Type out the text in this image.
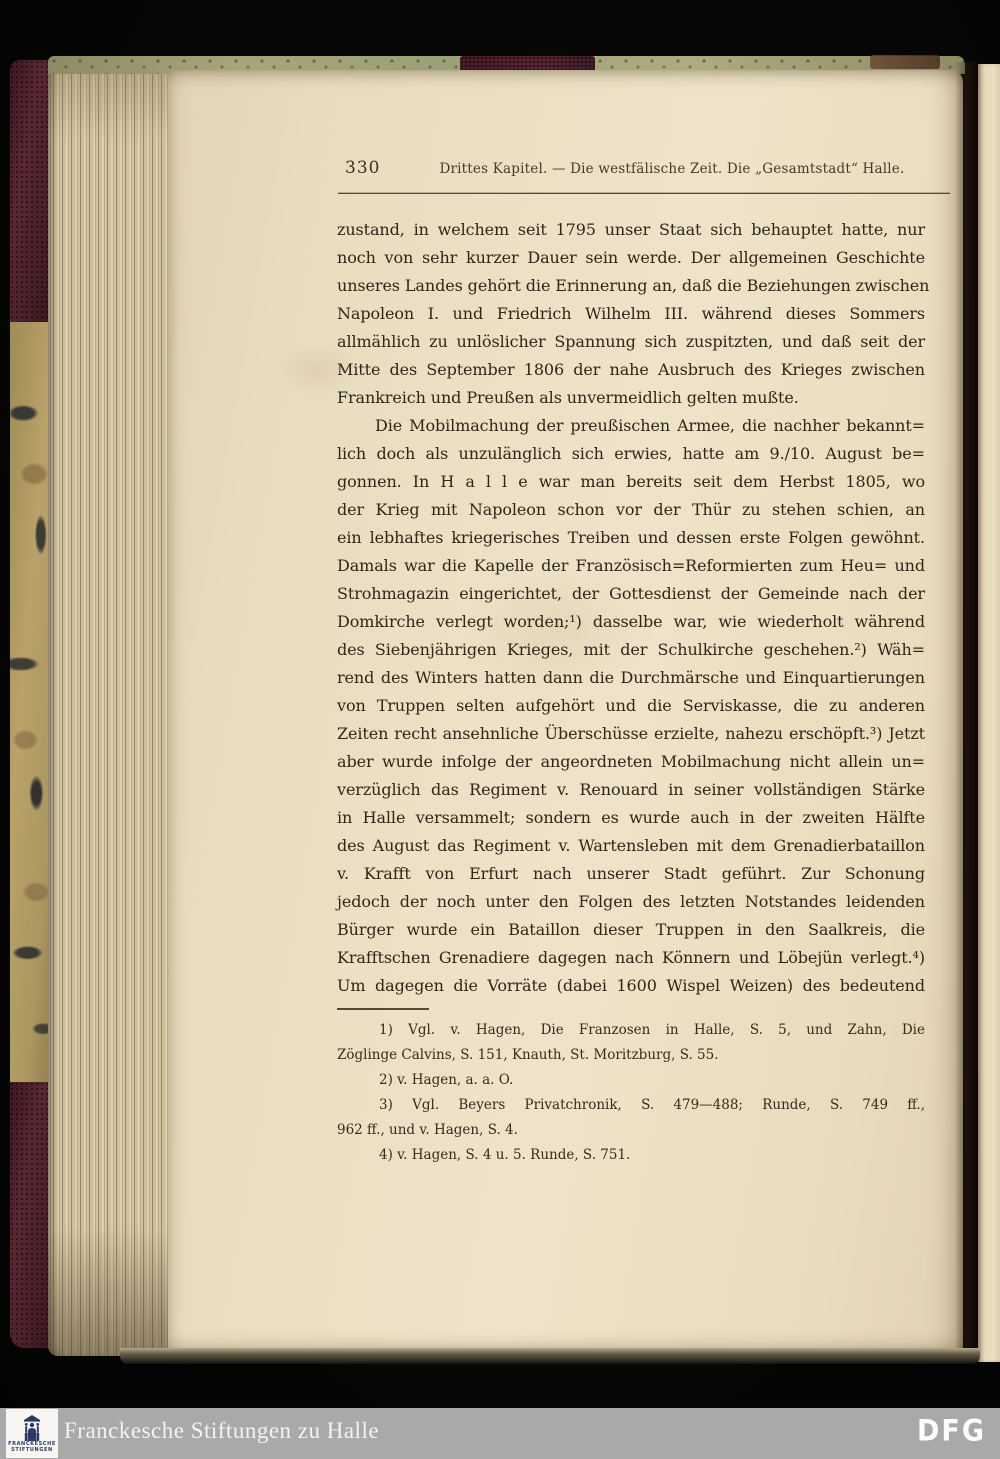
330	Drittes Kapitel. — Die westfälische Zeit. Die „Gesamtstadt“ Halle.
zustand, in welchem seit 1795 unser Staat sich behauptet hatte, nur
noch von sehr kurzer Dauer sein werde. Der allgemeinen Geschichte
unseres Landes gehört die Erinnerung an, daß die Beziehungen zwischen
Napoleon I. und Friedrich Wilhelm III. während dieses Sommers
allmählich zu unlöslicher Spannung sich zuspitzten, und daß seit der
Mitte des September 1806 der nahe Ausbruch des Krieges zwischen
Frankreich und Preußen als unvermeidlich gelten mußte.
Die Mobilmachung der preußischen Armee, die nachher bekannt=
lich doch als unzulänglich sich erwies, hatte am 9./10. August be=
gonnen. In H a l l e war man bereits seit dem Herbst 1805, wo
der Krieg mit Napoleon schon vor der Thür zu stehen schien, an
ein lebhaftes kriegerisches Treiben und dessen erste Folgen gewöhnt.
Damals war die Kapelle der Französisch=Reformierten zum Heu= und
Strohmagazin eingerichtet, der Gottesdienst der Gemeinde nach der
Domkirche verlegt worden;¹) dasselbe war, wie wiederholt während
des Siebenjährigen Krieges, mit der Schulkirche geschehen.²) Wäh=
rend des Winters hatten dann die Durchmärsche und Einquartierungen
von Truppen selten aufgehört und die Serviskasse, die zu anderen
Zeiten recht ansehnliche Überschüsse erzielte, nahezu erschöpft.³) Jetzt
aber wurde infolge der angeordneten Mobilmachung nicht allein un=
verzüglich das Regiment v. Renouard in seiner vollständigen Stärke
in Halle versammelt; sondern es wurde auch in der zweiten Hälfte
des August das Regiment v. Wartensleben mit dem Grenadierbataillon
v. Krafft von Erfurt nach unserer Stadt geführt. Zur Schonung
jedoch der noch unter den Folgen des letzten Notstandes leidenden
Bürger wurde ein Bataillon dieser Truppen in den Saalkreis, die
Krafftschen Grenadiere dagegen nach Könnern und Löbejün verlegt.⁴)
Um dagegen die Vorräte (dabei 1600 Wispel Weizen) des bedeutend
1) Vgl. v. Hagen, Die Franzosen in Halle, S. 5, und Zahn, Die
Zöglinge Calvins, S. 151, Knauth, St. Moritzburg, S. 55.
2) v. Hagen, a. a. O.
3) Vgl. Beyers Privatchronik, S. 479—488; Runde, S. 749 ff.,
962 ff., und v. Hagen, S. 4.
4) v. Hagen, S. 4 u. 5. Runde, S. 751.
FRANCKESCHE
STIFTUNGEN
Franckesche Stiftungen zu Halle	DFG
